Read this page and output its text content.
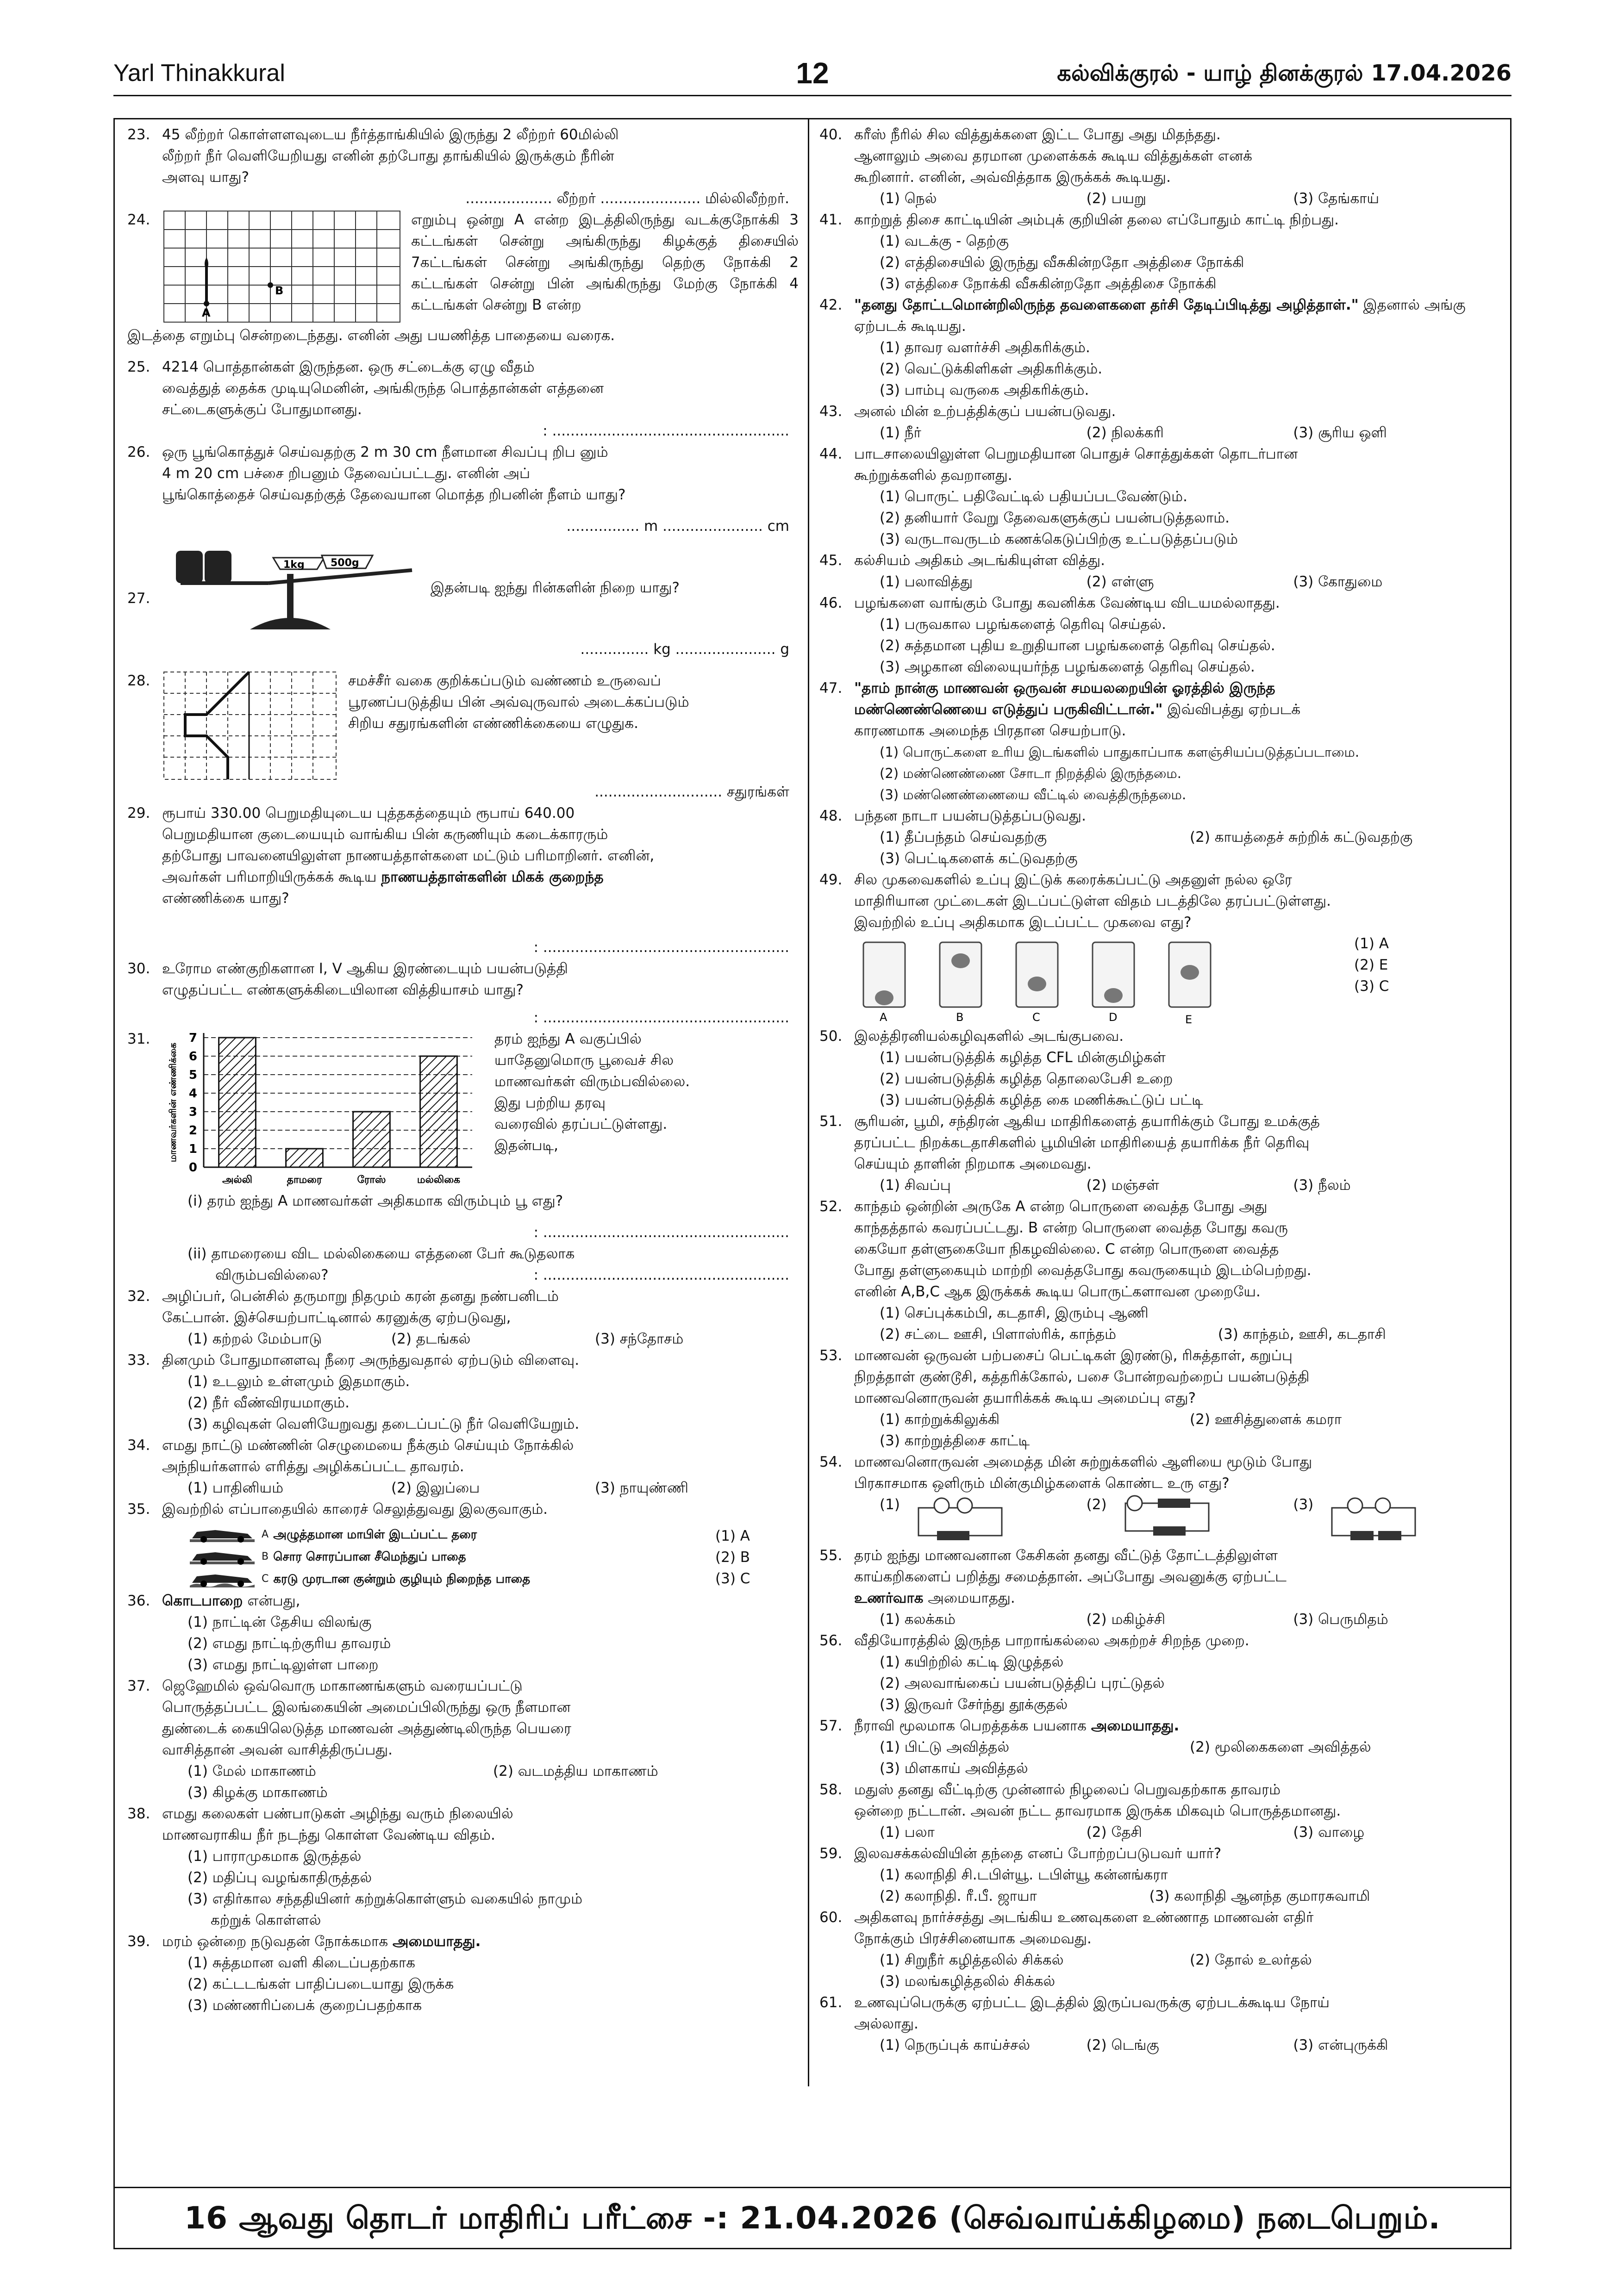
Yarl Thinakkural	12	கல்விக்குரல் - யாழ் தினக்குரல் 17.04.2026
23. 45 லீற்றர் கொள்ளளவுடைய நீர்த்தாங்கியில் இருந்து 2 லீற்றர் 60மில்லி
லீற்றர் நீர் வெளியேறியது எனின் தற்போது தாங்கியில் இருக்கும் நீரின்
அளவு யாது?
................... லீற்றர் ...................... மில்லிலீற்றர்.
24.
A
B
எறும்பு ஒன்று A என்ற இடத்திலிருந்து வடக்குநோக்கி 3 கட்டங்கள் சென்று அங்கிருந்து கிழக்குத் திசையில் 7கட்டங்கள் சென்று அங்கிருந்து தெற்கு நோக்கி 2 கட்டங்கள் சென்று பின் அங்கிருந்து மேற்கு நோக்கி 4 கட்டங்கள் சென்று B என்ற
இடத்தை எறும்பு சென்றடைந்தது. எனின் அது பயணித்த பாதையை வரைக.
25. 4214 பொத்தான்கள் இருந்தன. ஒரு சட்டைக்கு ஏழு வீதம்
வைத்துத் தைக்க முடியுமெனின், அங்கிருந்த பொத்தான்கள் எத்தனை
சட்டைகளுக்குப் போதுமானது.
: ....................................................
26. ஒரு பூங்கொத்துச் செய்வதற்கு 2 m 30 cm நீளமான சிவப்பு றிப னும்
4 m 20 cm பச்சை றிபனும் தேவைப்பட்டது. எனின் அப்
பூங்கொத்தைச் செய்வதற்குத் தேவையான மொத்த றிபனின் நீளம் யாது?
................ m ...................... cm
27.
1kg	500g
இதன்படி ஐந்து ரின்களின் நிறை யாது?
............... kg ...................... g
28.	சமச்சீர் வகை குறிக்கப்படும் வண்ணம் உருவைப்
பூரணப்படுத்திய பின் அவ்வுருவால் அடைக்கப்படும்
சிறிய சதுரங்களின் எண்ணிக்கையை எழுதுக.
............................ சதுரங்கள்
29. ரூபாய் 330.00 பெறுமதியுடைய புத்தகத்தையும் ரூபாய் 640.00
பெறுமதியான குடையையும் வாங்கிய பின் கருணியும் கடைக்காரரும்
தற்போது பாவனையிலுள்ள நாணயத்தாள்களை மட்டும் பரிமாறினர். எனின்,
அவர்கள் பரிமாறியிருக்கக் கூடிய நாணயத்தாள்களின் மிகக் குறைந்த
எண்ணிக்கை யாது?
: ......................................................
30. உரோம எண்குறிகளான I, V ஆகிய இரண்டையும் பயன்படுத்தி
எழுதப்பட்ட எண்களுக்கிடையிலான வித்தியாசம் யாது?
: ......................................................
31.
0
1
2
3
4
5
6
7
மாணவர்களின் எண்ணிக்கை
அல்லி	தாமரை	ரோஸ்	மல்லிகை
தரம் ஐந்து A வகுப்பில்
யாதேனுமொரு பூவைச் சில
மாணவர்கள் விரும்பவில்லை.
இது பற்றிய தரவு
வரைவில் தரப்பட்டுள்ளது.
இதன்படி,
(i) தரம் ஐந்து A மாணவர்கள் அதிகமாக விரும்பும் பூ எது?
: ......................................................
(ii) தாமரையை விட மல்லிகையை எத்தனை பேர் கூடுதலாக
விரும்பவில்லை?	: ......................................................
32. அழிப்பர், பென்சில் தருமாறு நிதமும் கரன் தனது நண்பனிடம்
கேட்பான். இச்செயற்பாட்டினால் கரனுக்கு ஏற்படுவது,
(1) கற்றல் மேம்பாடு	(2) தடங்கல்	(3) சந்தோசம்
33. தினமும் போதுமானளவு நீரை அருந்துவதால் ஏற்படும் விளைவு.
(1) உடலும் உள்ளமும் இதமாகும்.
(2) நீர் வீண்விரயமாகும்.
(3) கழிவுகள் வெளியேறுவது தடைப்பட்டு நீர் வெளியேறும்.
34. எமது நாட்டு மண்ணின் செழுமையை நீக்கும் செய்யும் நோக்கில்
அந்நியர்களால் எரித்து அழிக்கப்பட்ட தாவரம்.
(1) பாதினியம்	(2) இலுப்பை	(3) நாயுண்ணி
35. இவற்றில் எப்பாதையில் காரைச் செலுத்துவது இலகுவாகும்.
A அழுத்தமான மாபிள் இடப்பட்ட தரை
B சொர சொரப்பான சீமெந்துப் பாதை
C கரடு முரடான குன்றும் குழியும் நிறைந்த பாதை
(1) A
(2) B
(3) C
36. கொடபாறை என்பது,
(1) நாட்டின் தேசிய விலங்கு
(2) எமது நாட்டிற்குரிய தாவரம்
(3) எமது நாட்டிலுள்ள பாறை
37. ஜெஹேமில் ஒவ்வொரு மாகாணங்களும் வரையப்பட்டு
பொருத்தப்பட்ட இலங்கையின் அமைப்பிலிருந்து ஒரு நீளமான
துண்டைக் கையிலெடுத்த மாணவன் அத்துண்டிலிருந்த பெயரை
வாசித்தான் அவன் வாசித்திருப்பது.
(1) மேல் மாகாணம்	(2) வடமத்திய மாகாணம்
(3) கிழக்கு மாகாணம்
38. எமது கலைகள் பண்பாடுகள் அழிந்து வரும் நிலையில்
மாணவராகிய நீர் நடந்து கொள்ள வேண்டிய விதம்.
(1) பாராமுகமாக இருத்தல்
(2) மதிப்பு வழங்காதிருத்தல்
(3) எதிர்கால சந்ததியினர் கற்றுக்கொள்ளும் வகையில் நாமும்
கற்றுக் கொள்ளல்
39. மரம் ஒன்றை நடுவதன் நோக்கமாக அமையாதது.
(1) சுத்தமான வளி கிடைப்பதற்காக
(2) கட்டடங்கள் பாதிப்படையாது இருக்க
(3) மண்ணரிப்பைக் குறைப்பதற்காக
40. கரீஸ் நீரில் சில வித்துக்களை இட்ட போது அது மிதந்தது.
ஆனாலும் அவை தரமான முளைக்கக் கூடிய வித்துக்கள் எனக்
கூறினார். எனின், அவ்வித்தாக இருக்கக் கூடியது.
(1) நெல்	(2) பயறு	(3) தேங்காய்
41. காற்றுத் திசை காட்டியின் அம்புக் குறியின் தலை எப்போதும் காட்டி நிற்பது.
(1) வடக்கு - தெற்கு
(2) எத்திசையில் இருந்து வீசுகின்றதோ அத்திசை நோக்கி
(3) எத்திசை நோக்கி வீசுகின்றதோ அத்திசை நோக்கி
42. "தனது தோட்டமொன்றிலிருந்த தவளைகளை தர்சி தேடிப்பிடித்து அழித்தாள்." இதனால் அங்கு ஏற்படக் கூடியது.
(1) தாவர வளர்ச்சி அதிகரிக்கும்.
(2) வெட்டுக்கிளிகள் அதிகரிக்கும்.
(3) பாம்பு வருகை அதிகரிக்கும்.
43. அனல் மின் உற்பத்திக்குப் பயன்படுவது.
(1) நீர்	(2) நிலக்கரி	(3) சூரிய ஒளி
44. பாடசாலையிலுள்ள பெறுமதியான பொதுச் சொத்துக்கள் தொடர்பான
கூற்றுக்களில் தவறானது.
(1) பொருட் பதிவேட்டில் பதியப்படவேண்டும்.
(2) தனியார் வேறு தேவைகளுக்குப் பயன்படுத்தலாம்.
(3) வருடாவருடம் கணக்கெடுப்பிற்கு உட்படுத்தப்படும்
45. கல்சியம் அதிகம் அடங்கியுள்ள வித்து.
(1) பலாவித்து	(2) எள்ளு	(3) கோதுமை
46. பழங்களை வாங்கும் போது கவனிக்க வேண்டிய விடயமல்லாதது.
(1) பருவகால பழங்களைத் தெரிவு செய்தல்.
(2) சுத்தமான புதிய உறுதியான பழங்களைத் தெரிவு செய்தல்.
(3) அழகான விலையுயர்ந்த பழங்களைத் தெரிவு செய்தல்.
47. "தாம் நான்கு மாணவன் ஒருவன் சமயலறையின் ஓரத்தில் இருந்த
மண்ணெண்ணெயை எடுத்துப் பருகிவிட்டான்." இவ்விபத்து ஏற்படக்
காரணமாக அமைந்த பிரதான செயற்பாடு.
(1) பொருட்களை உரிய இடங்களில் பாதுகாப்பாக களஞ்சியப்படுத்தப்படாமை.
(2) மண்ணெண்ணை சோடா நிறத்தில் இருந்தமை.
(3) மண்ணெண்ணையை வீட்டில் வைத்திருந்தமை.
48. பந்தன நாடா பயன்படுத்தப்படுவது.
(1) தீப்பந்தம் செய்வதற்கு	(2) காயத்தைச் சுற்றிக் கட்டுவதற்கு
(3) பெட்டிகளைக் கட்டுவதற்கு
49. சில முகவைகளில் உப்பு இட்டுக் கரைக்கப்பட்டு அதனுள் நல்ல ஒரே
மாதிரியான முட்டைகள் இடப்பட்டுள்ள விதம் படத்திலே தரப்பட்டுள்ளது.
இவற்றில் உப்பு அதிகமாக இடப்பட்ட முகவை எது?
A	B	C	D	E
(1) A
(2) E
(3) C
50. இலத்திரனியல்கழிவுகளில் அடங்குபவை.
(1) பயன்படுத்திக் கழித்த CFL மின்குமிழ்கள்
(2) பயன்படுத்திக் கழித்த தொலைபேசி உறை
(3) பயன்படுத்திக் கழித்த கை மணிக்கூட்டுப் பட்டி
51. சூரியன், பூமி, சந்திரன் ஆகிய மாதிரிகளைத் தயாரிக்கும் போது உமக்குத்
தரப்பட்ட நிறக்கடதாசிகளில் பூமியின் மாதிரியைத் தயாரிக்க நீர் தெரிவு
செய்யும் தாளின் நிறமாக அமைவது.
(1) சிவப்பு	(2) மஞ்சள்	(3) நீலம்
52. காந்தம் ஒன்றின் அருகே A என்ற பொருளை வைத்த போது அது
காந்தத்தால் கவரப்பட்டது. B என்ற பொருளை வைத்த போது கவரு
கையோ தள்ளுகையோ நிகழவில்லை. C என்ற பொருளை வைத்த
போது தள்ளுகையும் மாற்றி வைத்தபோது கவருகையும் இடம்பெற்றது.
எனின் A,B,C ஆக இருக்கக் கூடிய பொருட்களாவன முறையே.
(1) செப்புக்கம்பி, கடதாசி, இரும்பு ஆணி
(2) சட்டை ஊசி, பிளாஸ்ரிக், காந்தம்	(3) காந்தம், ஊசி, கடதாசி
53. மாணவன் ஒருவன் பற்பசைப் பெட்டிகள் இரண்டு, ரிசுத்தாள், கறுப்பு
நிறத்தாள் குண்டூசி, கத்தரிக்கோல், பசை போன்றவற்றைப் பயன்படுத்தி
மாணவனொருவன் தயாரிக்கக் கூடிய அமைப்பு எது?
(1) காற்றுக்கிலுக்கி	(2) ஊசித்துளைக் கமரா
(3) காற்றுத்திசை காட்டி
54. மாணவனொருவன் அமைத்த மின் சுற்றுக்களில் ஆளியை மூடும் போது
பிரகாசமாக ஒளிரும் மின்குமிழ்களைக் கொண்ட உரு எது?
(1)	(2)	(3)
55. தரம் ஐந்து மாணவனான கேசிகன் தனது வீட்டுத் தோட்டத்திலுள்ள
காய்கறிகளைப் பறித்து சமைத்தான். அப்போது அவனுக்கு ஏற்பட்ட
உணர்வாக அமையாதது.
(1) கலக்கம்	(2) மகிழ்ச்சி	(3) பெருமிதம்
56. வீதியோரத்தில் இருந்த பாறாங்கல்லை அகற்றச் சிறந்த முறை.
(1) கயிற்றில் கட்டி இழுத்தல்
(2) அலவாங்கைப் பயன்படுத்திப் புரட்டுதல்
(3) இருவர் சேர்ந்து தூக்குதல்
57. நீராவி மூலமாக பெறத்தக்க பயனாக அமையாதது.
(1) பிட்டு அவித்தல்	(2) மூலிகைகளை அவித்தல்
(3) மிளகாய் அவித்தல்
58. மதுஸ் தனது வீட்டிற்கு முன்னால் நிழலைப் பெறுவதற்காக தாவரம்
ஒன்றை நட்டான். அவன் நட்ட தாவரமாக இருக்க மிகவும் பொருத்தமானது.
(1) பலா	(2) தேசி	(3) வாழை
59. இலவசக்கல்வியின் தந்தை எனப் போற்றப்படுபவர் யார்?
(1) கலாநிதி சி.டபிள்யூ. டபிள்யூ கன்னங்கரா
(2) கலாநிதி. ரீ.பீ. ஜாயா	(3) கலாநிதி ஆனந்த குமாரசுவாமி
60. அதிகளவு நார்ச்சத்து அடங்கிய உணவுகளை உண்ணாத மாணவன் எதிர்
நோக்கும் பிரச்சினையாக அமைவது.
(1) சிறுநீர் கழித்தலில் சிக்கல்	(2) தோல் உலர்தல்
(3) மலங்கழித்தலில் சிக்கல்
61. உணவுப்பெருக்கு ஏற்பட்ட இடத்தில் இருப்பவருக்கு ஏற்படக்கூடிய நோய்
அல்லாது.
(1) நெருப்புக் காய்ச்சல்	(2) டெங்கு	(3) என்புருக்கி
16 ஆவது தொடர் மாதிரிப் பரீட்சை -: 21.04.2026 (செவ்வாய்க்கிழமை) நடைபெறும்.
